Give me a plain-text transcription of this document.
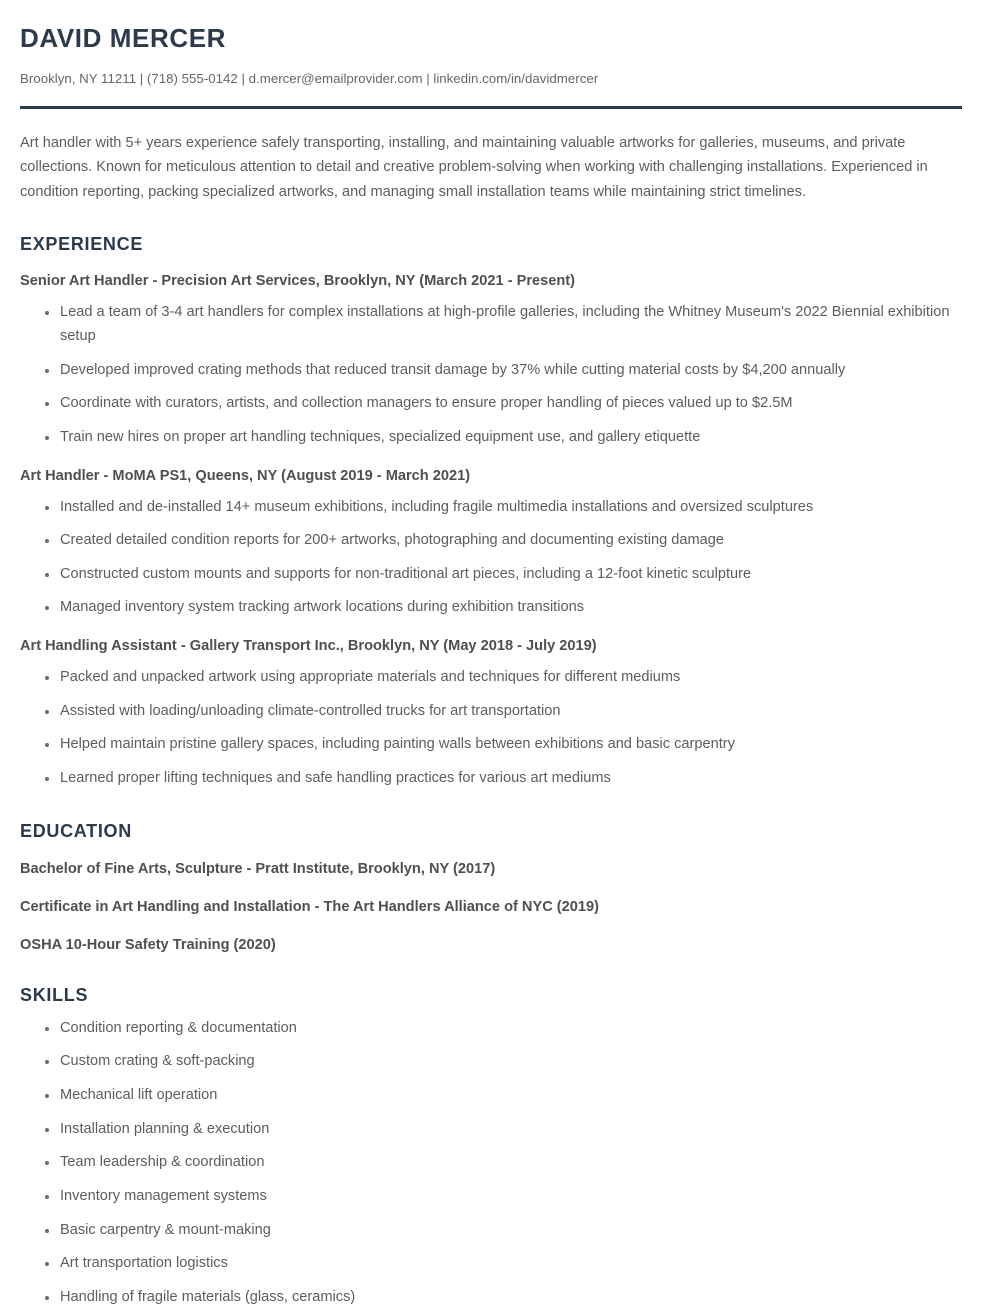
DAVID MERCER
Brooklyn, NY 11211 | (718) 555-0142 | d.mercer@emailprovider.com | linkedin.com/in/davidmercer

Art handler with 5+ years experience safely transporting, installing, and maintaining valuable artworks for galleries, museums, and private collections. Known for meticulous attention to detail and creative problem-solving when working with challenging installations. Experienced in condition reporting, packing specialized artworks, and managing small installation teams while maintaining strict timelines.

EXPERIENCE
Senior Art Handler - Precision Art Services, Brooklyn, NY (March 2021 - Present)
Lead a team of 3-4 art handlers for complex installations at high-profile galleries, including the Whitney Museum's 2022 Biennial exhibition setup
Developed improved crating methods that reduced transit damage by 37% while cutting material costs by $4,200 annually
Coordinate with curators, artists, and collection managers to ensure proper handling of pieces valued up to $2.5M
Train new hires on proper art handling techniques, specialized equipment use, and gallery etiquette
Art Handler - MoMA PS1, Queens, NY (August 2019 - March 2021)
Installed and de-installed 14+ museum exhibitions, including fragile multimedia installations and oversized sculptures
Created detailed condition reports for 200+ artworks, photographing and documenting existing damage
Constructed custom mounts and supports for non-traditional art pieces, including a 12-foot kinetic sculpture
Managed inventory system tracking artwork locations during exhibition transitions
Art Handling Assistant - Gallery Transport Inc., Brooklyn, NY (May 2018 - July 2019)
Packed and unpacked artwork using appropriate materials and techniques for different mediums
Assisted with loading/unloading climate-controlled trucks for art transportation
Helped maintain pristine gallery spaces, including painting walls between exhibitions and basic carpentry
Learned proper lifting techniques and safe handling practices for various art mediums
EDUCATION
Bachelor of Fine Arts, Sculpture - Pratt Institute, Brooklyn, NY (2017)
Certificate in Art Handling and Installation - The Art Handlers Alliance of NYC (2019)
OSHA 10-Hour Safety Training (2020)
SKILLS
Condition reporting & documentation
Custom crating & soft-packing
Mechanical lift operation
Installation planning & execution
Team leadership & coordination
Inventory management systems
Basic carpentry & mount-making
Art transportation logistics
Handling of fragile materials (glass, ceramics)
